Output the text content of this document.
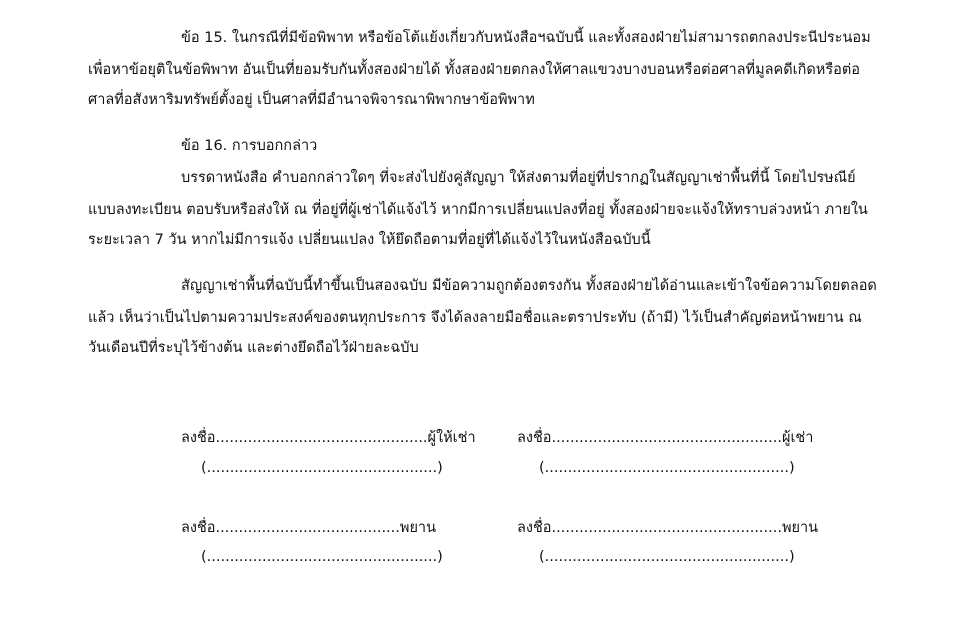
ข้อ 15. ในกรณีที่มีข้อพิพาท หรือข้อโต้แย้งเกี่ยวกับหนังสือฯฉบับนี้ และทั้งสองฝ่ายไม่สามารถตกลงประนีประนอม
เพื่อหาข้อยุติในข้อพิพาท อันเป็นที่ยอมรับกันทั้งสองฝ่ายได้ ทั้งสองฝ่ายตกลงให้ศาลแขวงบางบอนหรือต่อศาลที่มูลคดีเกิดหรือต่อ
ศาลที่อสังหาริมทรัพย์ตั้งอยู่ เป็นศาลที่มีอำนาจพิจารณาพิพากษาข้อพิพาท
ข้อ 16. การบอกกล่าว
บรรดาหนังสือ คำบอกกล่าวใดๆ ที่จะส่งไปยังคู่สัญญา ให้ส่งตามที่อยู่ที่ปรากฏในสัญญาเช่าพื้นที่นี้ โดยไปรษณีย์
แบบลงทะเบียน ตอบรับหรือส่งให้ ณ ที่อยู่ที่ผู้เช่าได้แจ้งไว้ หากมีการเปลี่ยนแปลงที่อยู่ ทั้งสองฝ่ายจะแจ้งให้ทราบล่วงหน้า ภายใน
ระยะเวลา 7 วัน หากไม่มีการแจ้ง เปลี่ยนแปลง ให้ยึดถือตามที่อยู่ที่ได้แจ้งไว้ในหนังสือฉบับนี้
สัญญาเช่าพื้นที่ฉบับนี้ทำขึ้นเป็นสองฉบับ มีข้อความถูกต้องตรงกัน ทั้งสองฝ่ายได้อ่านและเข้าใจข้อความโดยตลอด
แล้ว เห็นว่าเป็นไปตามความประสงค์ของตนทุกประการ จึงได้ลงลายมือชื่อและตราประทับ (ถ้ามี) ไว้เป็นสำคัญต่อหน้าพยาน ณ
วันเดือนปีที่ระบุไว้ข้างต้น และต่างยึดถือไว้ฝ่ายละฉบับ
ลงชื่อ..............................................ผู้ให้เช่า
(..................................................)
ลงชื่อ..................................................ผู้เช่า
(.....................................................)
ลงชื่อ........................................พยาน
(..................................................)
ลงชื่อ..................................................พยาน
(.....................................................)
